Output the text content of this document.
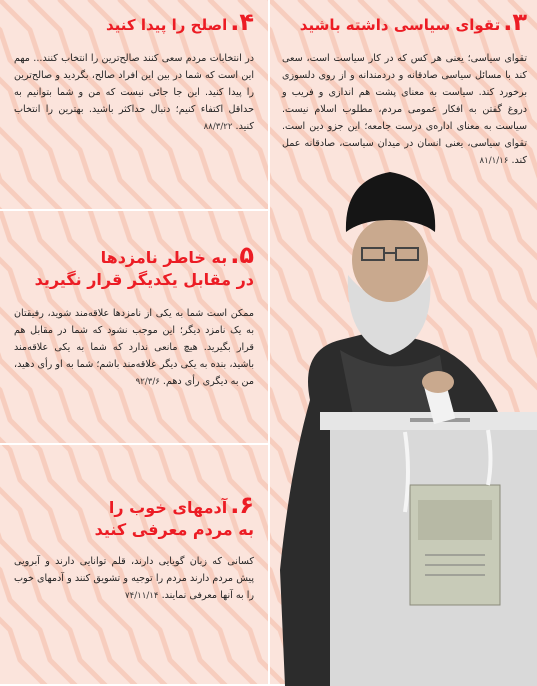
۳.تقوای سیاسی داشته باشید

تقوای سیاسی؛ یعنی هر کس که در کار سیاست است، سعی کند با مسائل سیاسی صادقانه و دردمندانه و از روی دلسوزی برخورد کند. سیاست به معنای پشت هم اندازی و فریب و دروغ گفتن به افکار عمومی مردم، مطلوب اسلام نیست. سیاست به معنای اداره‌ی درست جامعه؛ این جزو دین است. تقوای سیاسی، یعنی انسان در میدان سیاست، صادقانه عمل کند. ۸۱/۱/۱۶

۴.اصلح را پیدا کنید

در انتخابات مردم سعی کنند صالح‌ترین را انتخاب کنند... مهم این است که شما در بین این افراد صالح، بگردید و صالح‌ترین را پیدا کنید. این جا جائی نیست که من و شما بتوانیم به حداقل اکتفاء کنیم؛ دنبال حداکثر باشید. بهترین را انتخاب کنید. ۸۸/۳/۲۲

۵.به خاطر نامزدها
در مقابل یکدیگر قرار نگیرید

ممکن است شما به یکی از نامزدها علاقه‌مند شوید، رفیقتان به یک نامزد دیگر؛ این موجب نشود که شما در مقابل هم قرار بگیرید. هیچ مانعی ندارد که شما به یکی علاقه‌مند باشید، بنده به یکی دیگر علاقه‌مند باشم؛ شما به او رأی دهید، من به دیگری رأی دهم. ۹۲/۳/۶

۶.آدمهای خوب را
به مردم معرفی کنید

کسانی که زبان گویایی دارند، قلم توانایی دارند و آبرویی پیش مردم دارند مردم را توجیه و تشویق کنند و آدمهای خوب را به آنها معرفی نمایند. ۷۴/۱۱/۱۴
